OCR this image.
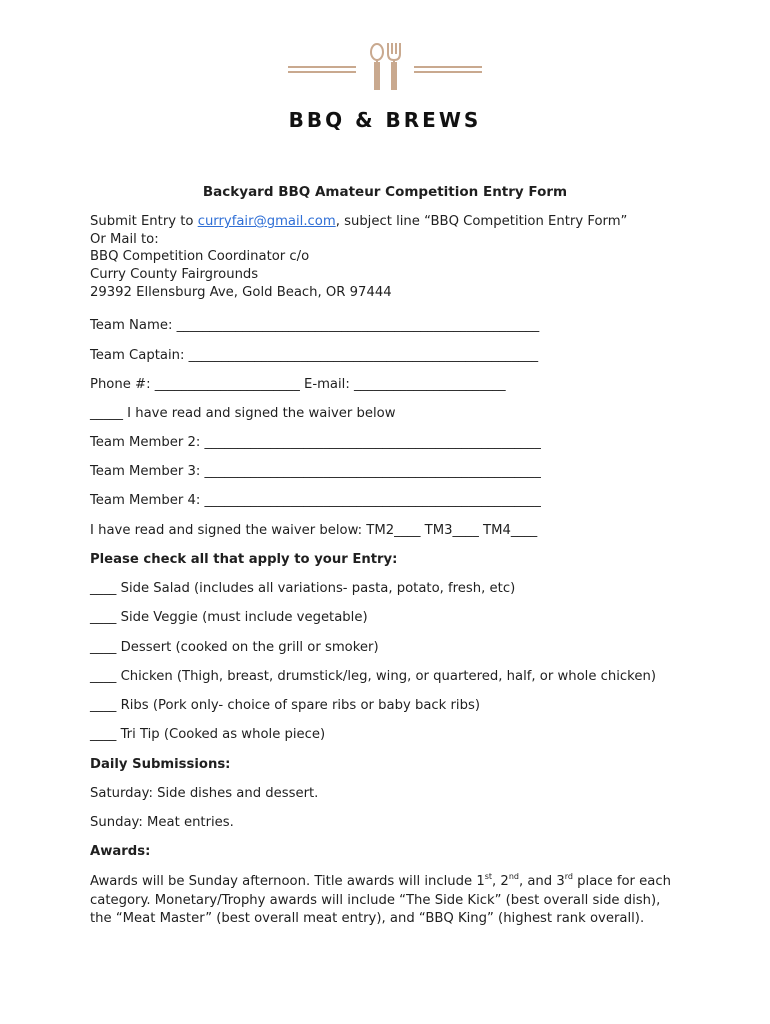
BBQ & BREWS
Backyard BBQ Amateur Competition Entry Form
Submit Entry to curryfair@gmail.com, subject line “BBQ Competition Entry Form”
Or Mail to:
BBQ Competition Coordinator c/o
Curry County Fairgrounds
29392 Ellensburg Ave, Gold Beach, OR 97444
Team Name: _______________________________________________________
Team Captain: _____________________________________________________
Phone #: ______________________ E-mail: _______________________
_____ I have read and signed the waiver below
Team Member 2: ___________________________________________________
Team Member 3: ___________________________________________________
Team Member 4: ___________________________________________________
I have read and signed the waiver below: TM2____ TM3____ TM4____
Please check all that apply to your Entry:
____ Side Salad (includes all variations- pasta, potato, fresh, etc)
____ Side Veggie (must include vegetable)
____ Dessert (cooked on the grill or smoker)
____ Chicken (Thigh, breast, drumstick/leg, wing, or quartered, half, or whole chicken)
____ Ribs (Pork only- choice of spare ribs or baby back ribs)
____ Tri Tip (Cooked as whole piece)
Daily Submissions:
Saturday: Side dishes and dessert.
Sunday: Meat entries.
Awards:
Awards will be Sunday afternoon. Title awards will include 1st, 2nd, and 3rd place for each
category. Monetary/Trophy awards will include “The Side Kick” (best overall side dish),
the “Meat Master” (best overall meat entry), and “BBQ King” (highest rank overall).
